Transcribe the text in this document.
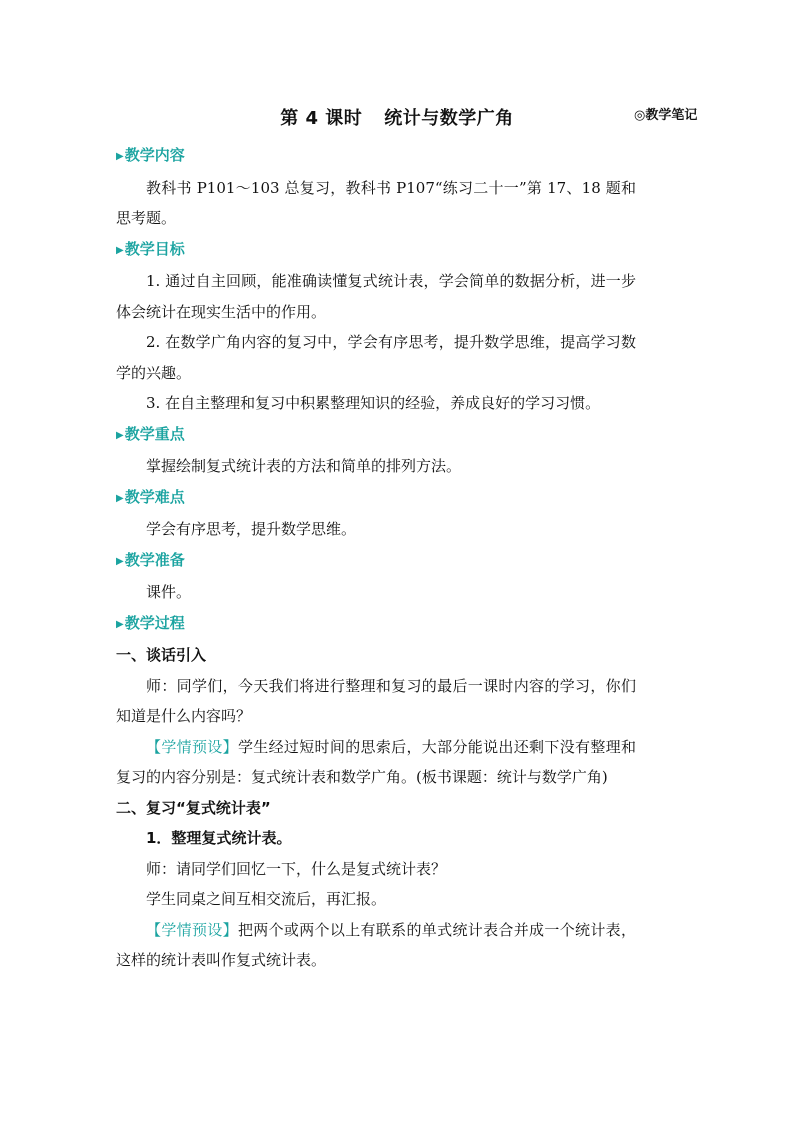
第 4 课时 统计与数学广角	◎教学笔记
▶教学内容
教科书 P101～103 总复习，教科书 P107“练习二十一”第 17、18 题和思考题。
▶教学目标
1. 通过自主回顾，能准确读懂复式统计表，学会简单的数据分析，进一步体会统计在现实生活中的作用。
2. 在数学广角内容的复习中，学会有序思考，提升数学思维，提高学习数学的兴趣。
3. 在自主整理和复习中积累整理知识的经验，养成良好的学习习惯。
▶教学重点
掌握绘制复式统计表的方法和简单的排列方法。
▶教学难点
学会有序思考，提升数学思维。
▶教学准备
课件。
▶教学过程
一、谈话引入
师：同学们，今天我们将进行整理和复习的最后一课时内容的学习，你们知道是什么内容吗？
【学情预设】学生经过短时间的思索后，大部分能说出还剩下没有整理和复习的内容分别是：复式统计表和数学广角。(板书课题：统计与数学广角)
二、复习“复式统计表”
1．整理复式统计表。
师：请同学们回忆一下，什么是复式统计表？
学生同桌之间互相交流后，再汇报。
【学情预设】把两个或两个以上有联系的单式统计表合并成一个统计表，这样的统计表叫作复式统计表。
